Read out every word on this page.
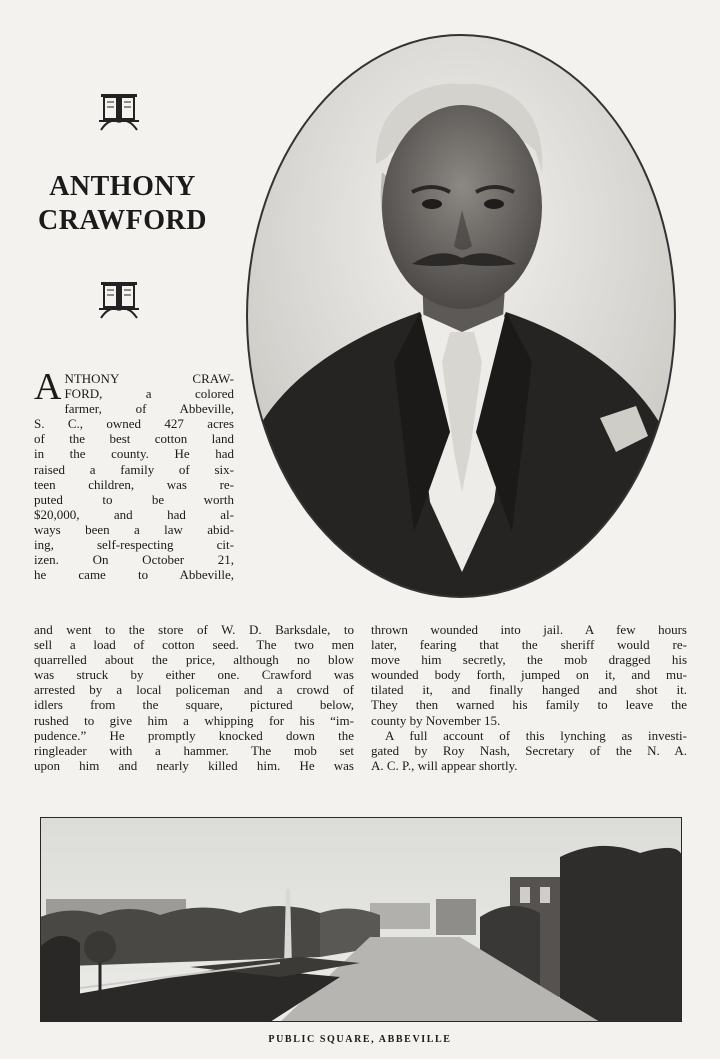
ANTHONY
CRAWFORD
A NTHONY CRAW-
FORD, a colored
farmer, of Abbeville,
S. C., owned 427 acres
of the best cotton land
in the county. He had
raised a family of six-
teen children, was re-
puted to be worth
$20,000, and had al-
ways been a law abid-
ing, self-respecting cit-
izen. On October 21,
he came to Abbeville,
and went to the store of W. D. Barksdale, to
sell a load of cotton seed. The two men
quarrelled about the price, although no blow
was struck by either one. Crawford was
arrested by a local policeman and a crowd of
idlers from the square, pictured below,
rushed to give him a whipping for his “im-
pudence.” He promptly knocked down the
ringleader with a hammer. The mob set
upon him and nearly killed him. He was
thrown wounded into jail. A few hours
later, fearing that the sheriff would re-
move him secretly, the mob dragged his
wounded body forth, jumped on it, and mu-
tilated it, and finally hanged and shot it.
They then warned his family to leave the
county by November 15.
A full account of this lynching as investi-
gated by Roy Nash, Secretary of the N. A.
A. C. P., will appear shortly.
PUBLIC SQUARE, ABBEVILLE
